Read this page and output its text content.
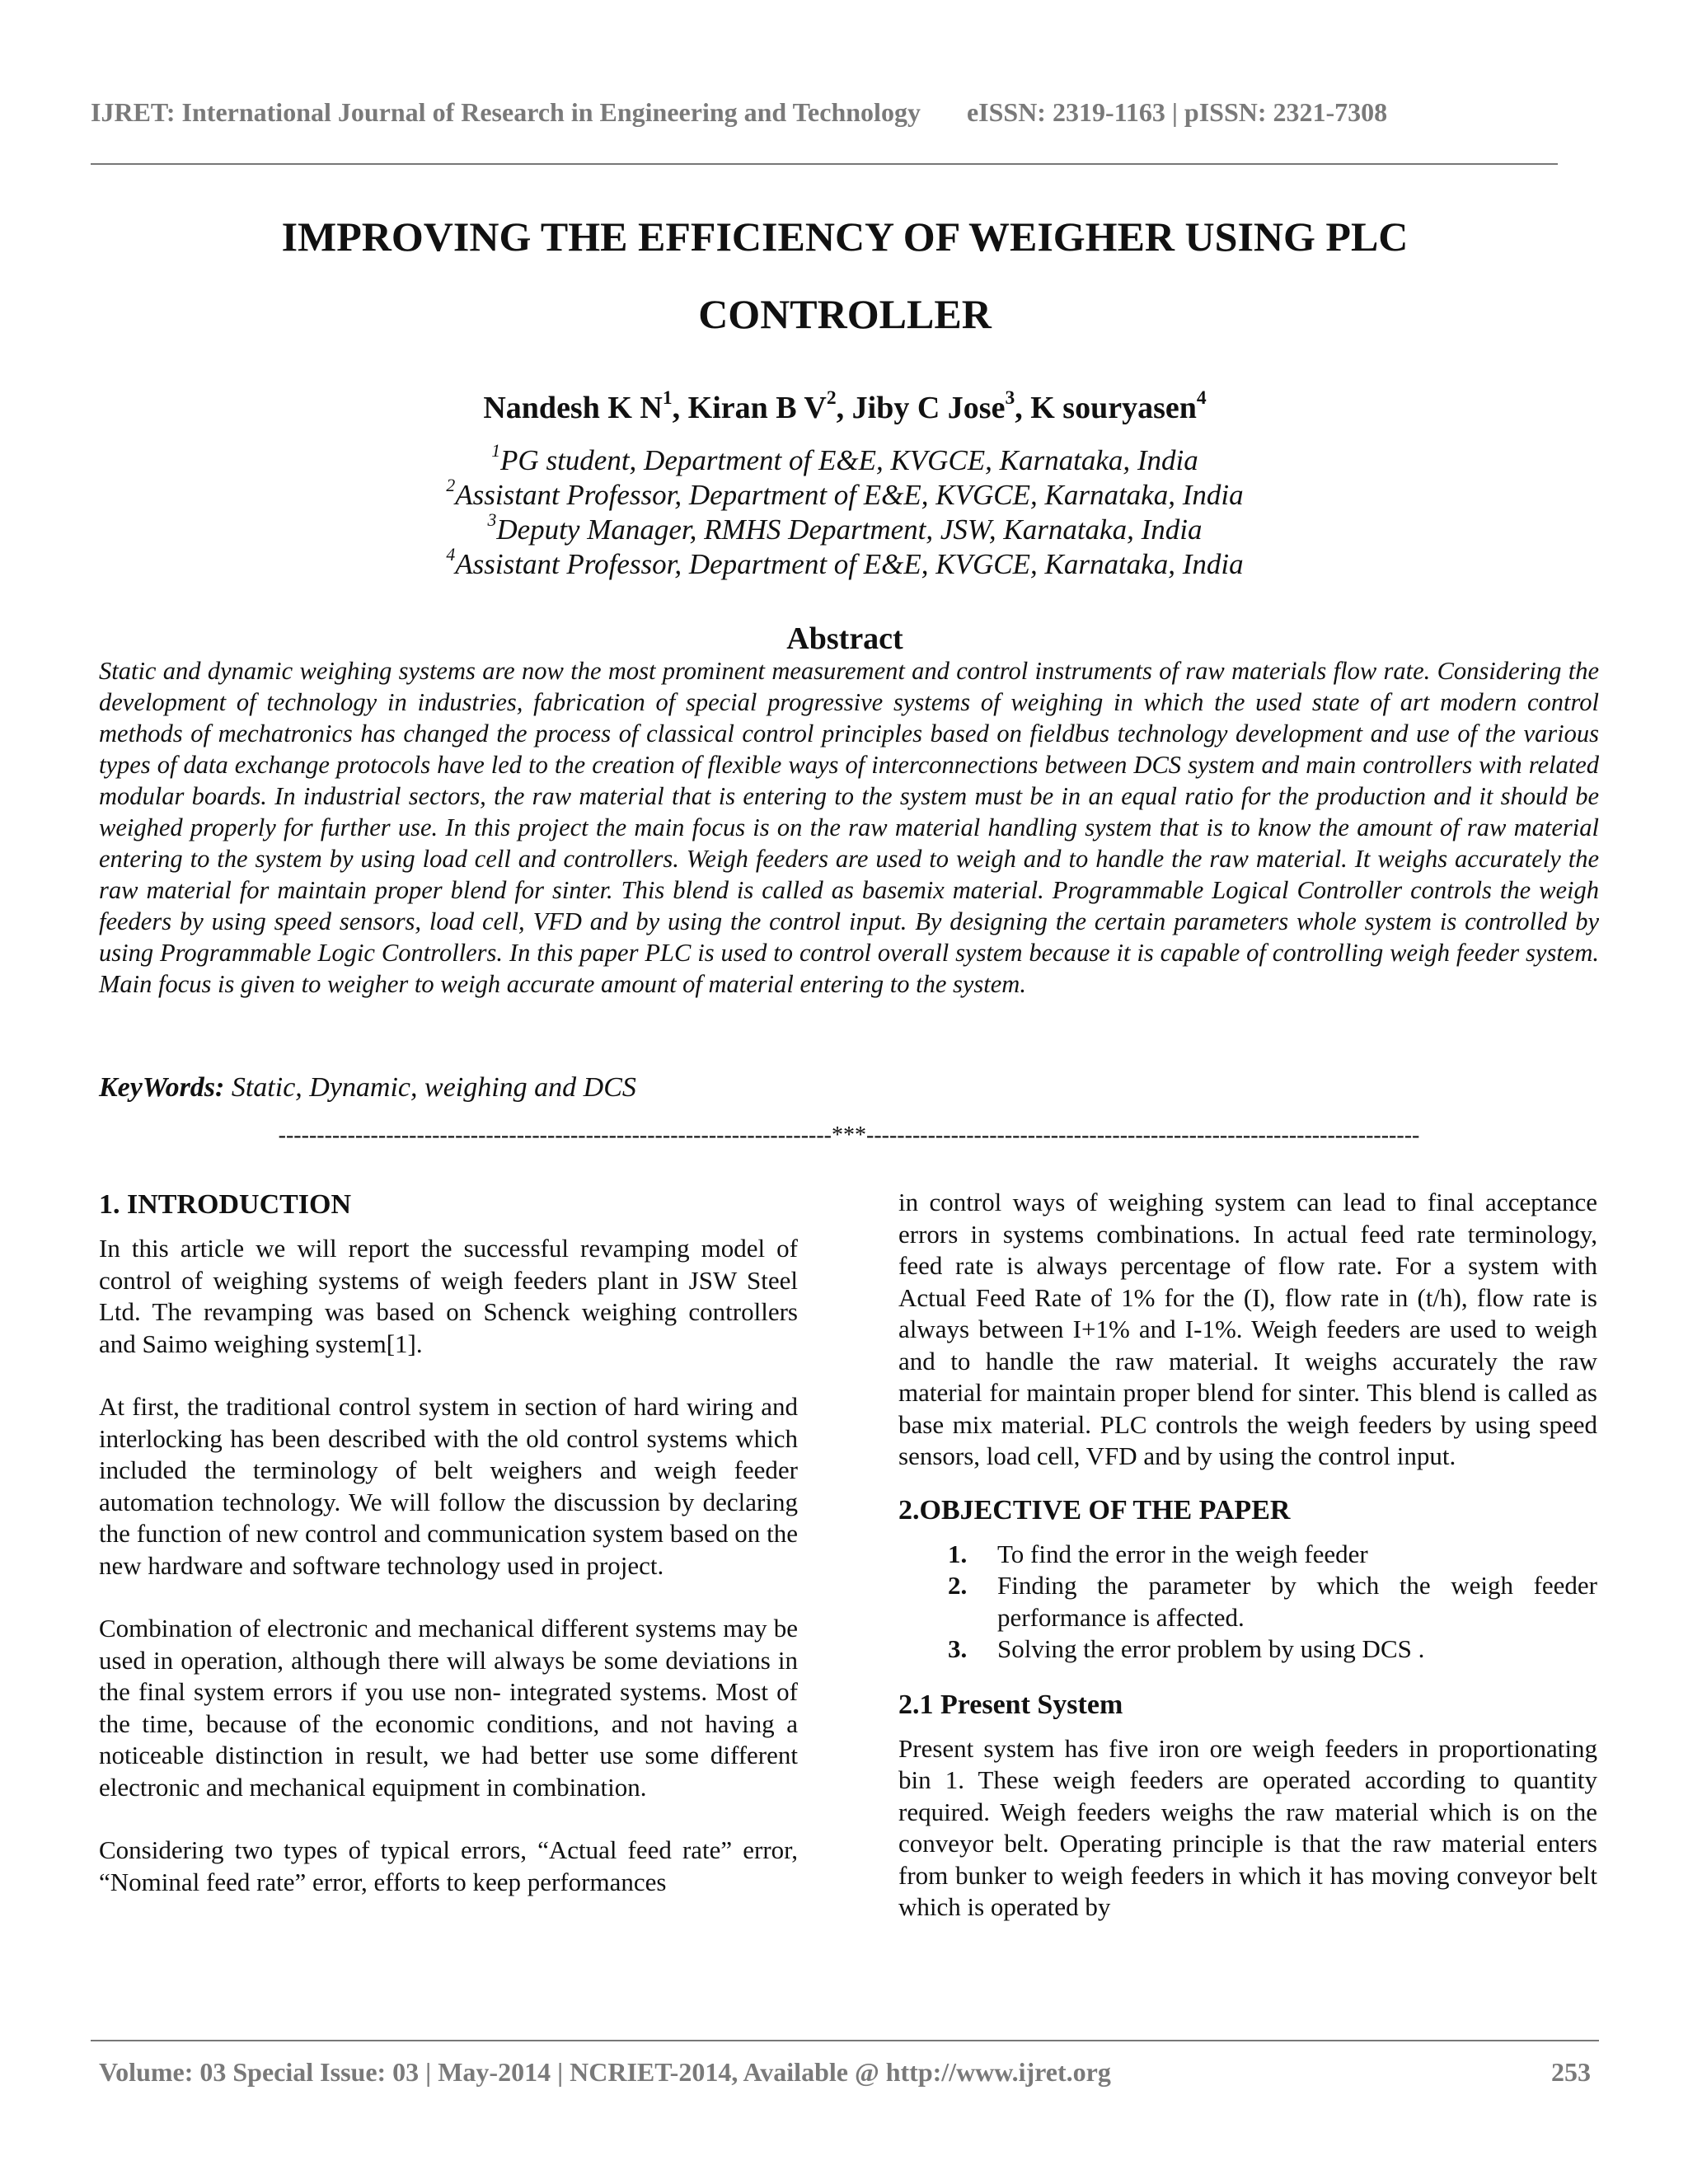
IJRET: International Journal of Research in Engineering and Technology eISSN: 2319-1163 | pISSN: 2321-7308
IMPROVING THE EFFICIENCY OF WEIGHER USING PLC
CONTROLLER
Nandesh K $N^1$, Kiran B $V^2$, Jiby C Jose$^3$, K souryasen$^4$
$^1$PG student, Department of E&E, KVGCE, Karnataka, India
$^2$Assistant Professor, Department of E&E, KVGCE, Karnataka, India
$^3$Deputy Manager, RMHS Department, JSW, Karnataka, India
$^4$Assistant Professor, Department of E&E, KVGCE, Karnataka, India
Abstract
Static and dynamic weighing systems are now the most prominent measurement and control instruments of raw materials flow rate. Considering the development of technology in industries, fabrication of special progressive systems of weighing in which the used state of art modern control methods of mechatronics has changed the process of classical control principles based on fieldbus technology development and use of the various types of data exchange protocols have led to the creation of flexible ways of interconnections between DCS system and main controllers with related modular boards. In industrial sectors, the raw material that is entering to the system must be in an equal ratio for the production and it should be weighed properly for further use. In this project the main focus is on the raw material handling system that is to know the amount of raw material entering to the system by using load cell and controllers. Weigh feeders are used to weigh and to handle the raw material. It weighs accurately the raw material for maintain proper blend for sinter. This blend is called as basemix material. Programmable Logical Controller controls the weigh feeders by using speed sensors, load cell, VFD and by using the control input. By designing the certain parameters whole system is controlled by using Programmable Logic Controllers. In this paper PLC is used to control overall system because it is capable of controlling weigh feeder system. Main focus is given to weigher to weigh accurate amount of material entering to the system.
KeyWords: Static, Dynamic, weighing and DCS
------------------------------------------------------------------------***------------------------------------------------------------------------
1. INTRODUCTION

In this article we will report the successful revamping model of control of weighing systems of weigh feeders plant in JSW Steel Ltd. The revamping was based on Schenck weighing controllers and Saimo weighing system[1].

At first, the traditional control system in section of hard wiring and interlocking has been described with the old control systems which included the terminology of belt weighers and weigh feeder automation technology. We will follow the discussion by declaring the function of new control and communication system based on the new hardware and software technology used in project.

Combination of electronic and mechanical different systems may be used in operation, although there will always be some deviations in the final system errors if you use non- integrated systems. Most of the time, because of the economic conditions, and not having a noticeable distinction in result, we had better use some different electronic and mechanical equipment in combination.

Considering two types of typical errors, “Actual feed rate” error, “Nominal feed rate” error, efforts to keep performances

in control ways of weighing system can lead to final acceptance errors in systems combinations. In actual feed rate terminology, feed rate is always percentage of flow rate. For a system with Actual Feed Rate of 1% for the (I), flow rate in (t/h), flow rate is always between I+1% and I-1%. Weigh feeders are used to weigh and to handle the raw material. It weighs accurately the raw material for maintain proper blend for sinter. This blend is called as base mix material. PLC controls the weigh feeders by using speed sensors, load cell, VFD and by using the control input.

2.OBJECTIVE OF THE PAPER
1. To find the error in the weigh feeder
2. Finding the parameter by which the weigh feeder performance is affected.
3. Solving the error problem by using DCS .
2.1 Present System

Present system has five iron ore weigh feeders in proportionating bin 1. These weigh feeders are operated according to quantity required. Weigh feeders weighs the raw material which is on the conveyor belt. Operating principle is that the raw material enters from bunker to weigh feeders in which it has moving conveyor belt which is operated by

Volume: 03 Special Issue: 03 | May-2014 | NCRIET-2014, Available @ http://www.ijret.org	253
